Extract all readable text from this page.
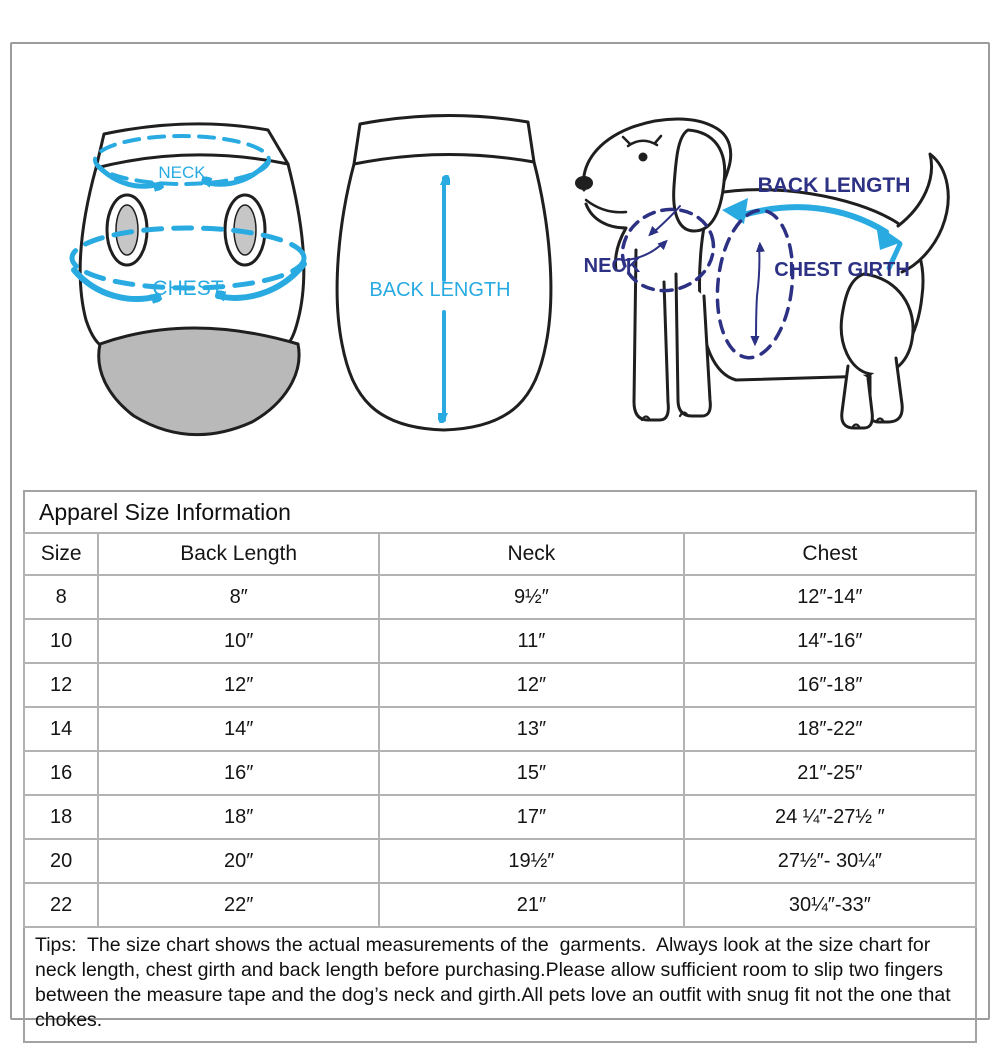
NECK
CHEST	BACK LENGTH
BACK LENGTH
NECK	CHEST GIRTH
Apparel Size Information
Size	Back Length	Neck	Chest
8	8″	9½″	12″-14″
10	10″	11″	14″-16″
12	12″	12″	16″-18″
14	14″	13″	18″-22″
16	16″	15″	21″-25″
18	18″	17″	24 ¼″-27½ ″
20	20″	19½″	27½″- 30¼″
22	22″	21″	30¼″-33″
Tips:  The size chart shows the actual measurements of the  garments.  Always look at the size chart for neck length, chest girth and back length before purchasing.Please allow sufficient room to slip two fingers between the measure tape and the dog’s neck and girth.All pets love an outfit with snug fit not the one that chokes.
